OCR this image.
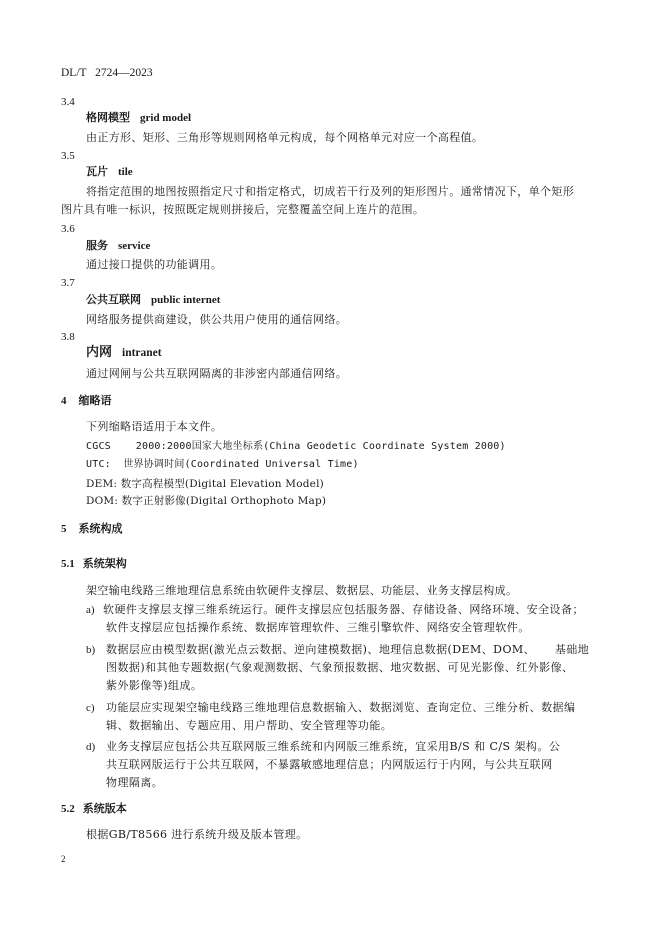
DL/T   2724—2023
3.4
格网模型 grid model
由正方形、矩形、三角形等规则网格单元构成，每个网格单元对应一个高程值。
3.5
瓦片 tile
将指定范围的地图按照指定尺寸和指定格式，切成若干行及列的矩形图片。通常情况下，单个矩形
图片具有唯一标识，按照既定规则拼接后，完整覆盖空间上连片的范围。
3.6
服务 service
通过接口提供的功能调用。
3.7
公共互联网 public internet
网络服务提供商建设，供公共用户使用的通信网络。
3.8
内网 intranet
通过网闸与公共互联网隔离的非涉密内部通信网络。
4 缩略语
下列缩略语适用于本文件。
CGCS    2000:2000国家大地坐标系(China Geodetic Coordinate System 2000)
UTC:  世界协调时间(Coordinated Universal Time)
DEM: 数字高程模型(Digital Elevation Model)
DOM: 数字正射影像(Digital Orthophoto Map)
5 系统构成
5.1 系统架构
架空输电线路三维地理信息系统由软硬件支撑层、数据层、功能层、业务支撑层构成。
a) 软硬件支撑层支撑三维系统运行。硬件支撑层应包括服务器、存储设备、网络环境、安全设备；
软件支撑层应包括操作系统、数据库管理软件、三维引擎软件、网络安全管理软件。
b) 数据层应由模型数据(激光点云数据、逆向建模数据)、地理信息数据(DEM、DOM、     基础地
图数据)和其他专题数据(气象观测数据、气象预报数据、地灾数据、可见光影像、红外影像、
紫外影像等)组成。
c) 功能层应实现架空输电线路三维地理信息数据输入、数据浏览、查询定位、三维分析、数据编
辑、数据输出、专题应用、用户帮助、安全管理等功能。
d) 业务支撑层应包括公共互联网版三维系统和内网版三维系统，宜采用B/S 和 C/S 架构。公
共互联网版运行于公共互联网，不暴露敏感地理信息；内网版运行于内网，与公共互联网
物理隔离。
5.2 系统版本
根据GB/T8566 进行系统升级及版本管理。
2
